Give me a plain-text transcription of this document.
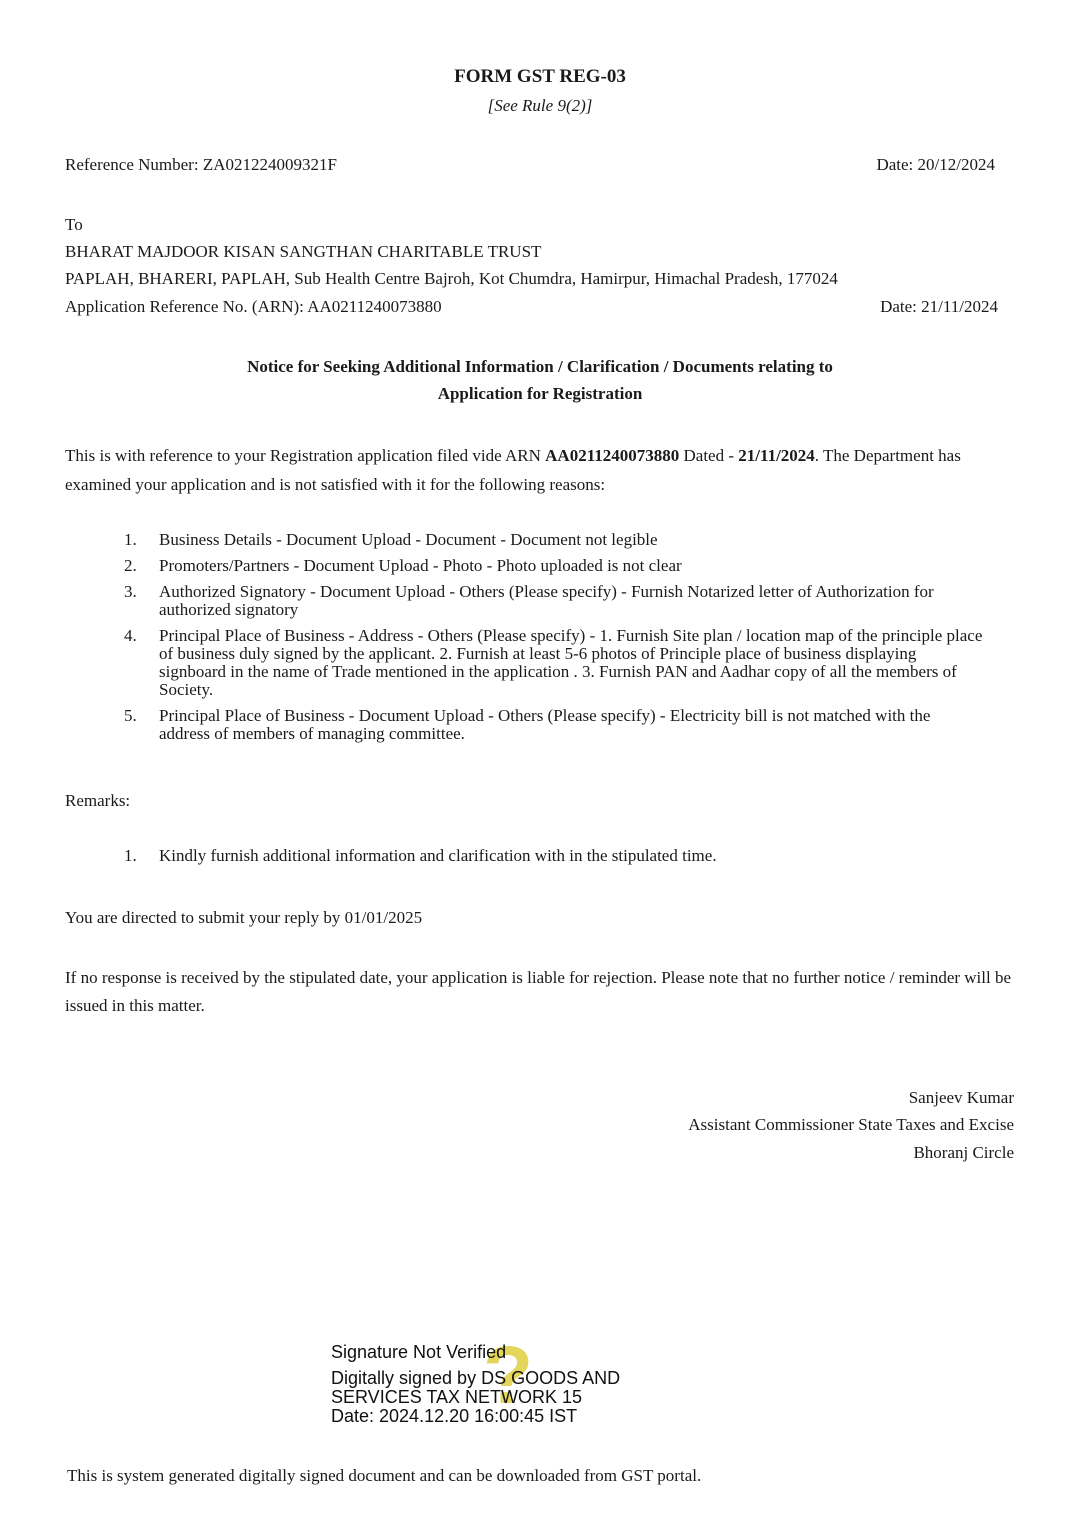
FORM GST REG-03
[See Rule 9(2)]
Reference Number: ZA021224009321F	Date: 20/12/2024
To
BHARAT MAJDOOR KISAN SANGTHAN CHARITABLE TRUST
PAPLAH, BHARERI, PAPLAH, Sub Health Centre Bajroh, Kot Chumdra, Hamirpur, Himachal Pradesh, 177024
Application Reference No. (ARN): AA0211240073880	Date: 21/11/2024
Notice for Seeking Additional Information / Clarification / Documents relating to
Application for Registration
This is with reference to your Registration application filed vide ARN AA0211240073880 Dated - 21/11/2024. The Department has examined your application and is not satisfied with it for the following reasons:
1.	Business Details - Document Upload - Document - Document not legible
2.	Promoters/Partners - Document Upload - Photo - Photo uploaded is not clear
3.	Authorized Signatory - Document Upload - Others (Please specify) - Furnish Notarized letter of Authorization for authorized signatory
4.	Principal Place of Business - Address - Others (Please specify) - 1. Furnish Site plan / location map of the principle place of business duly signed by the applicant. 2. Furnish at least 5-6 photos of Principle place of business displaying signboard in the name of Trade mentioned in the application . 3. Furnish PAN and Aadhar copy of all the members of Society.
5.	Principal Place of Business - Document Upload - Others (Please specify) - Electricity bill is not matched with the address of members of managing committee.
Remarks:
1.	Kindly furnish additional information and clarification with in the stipulated time.
You are directed to submit your reply by 01/01/2025
If no response is received by the stipulated date, your application is liable for rejection. Please note that no further notice / reminder will be issued in this matter.
Sanjeev Kumar
Assistant Commissioner State Taxes and Excise
Bhoranj Circle
?
Signature Not Verified
Digitally signed by DS GOODS AND
SERVICES TAX NETWORK 15
Date: 2024.12.20 16:00:45 IST
This is system generated digitally signed document and can be downloaded from GST portal.
